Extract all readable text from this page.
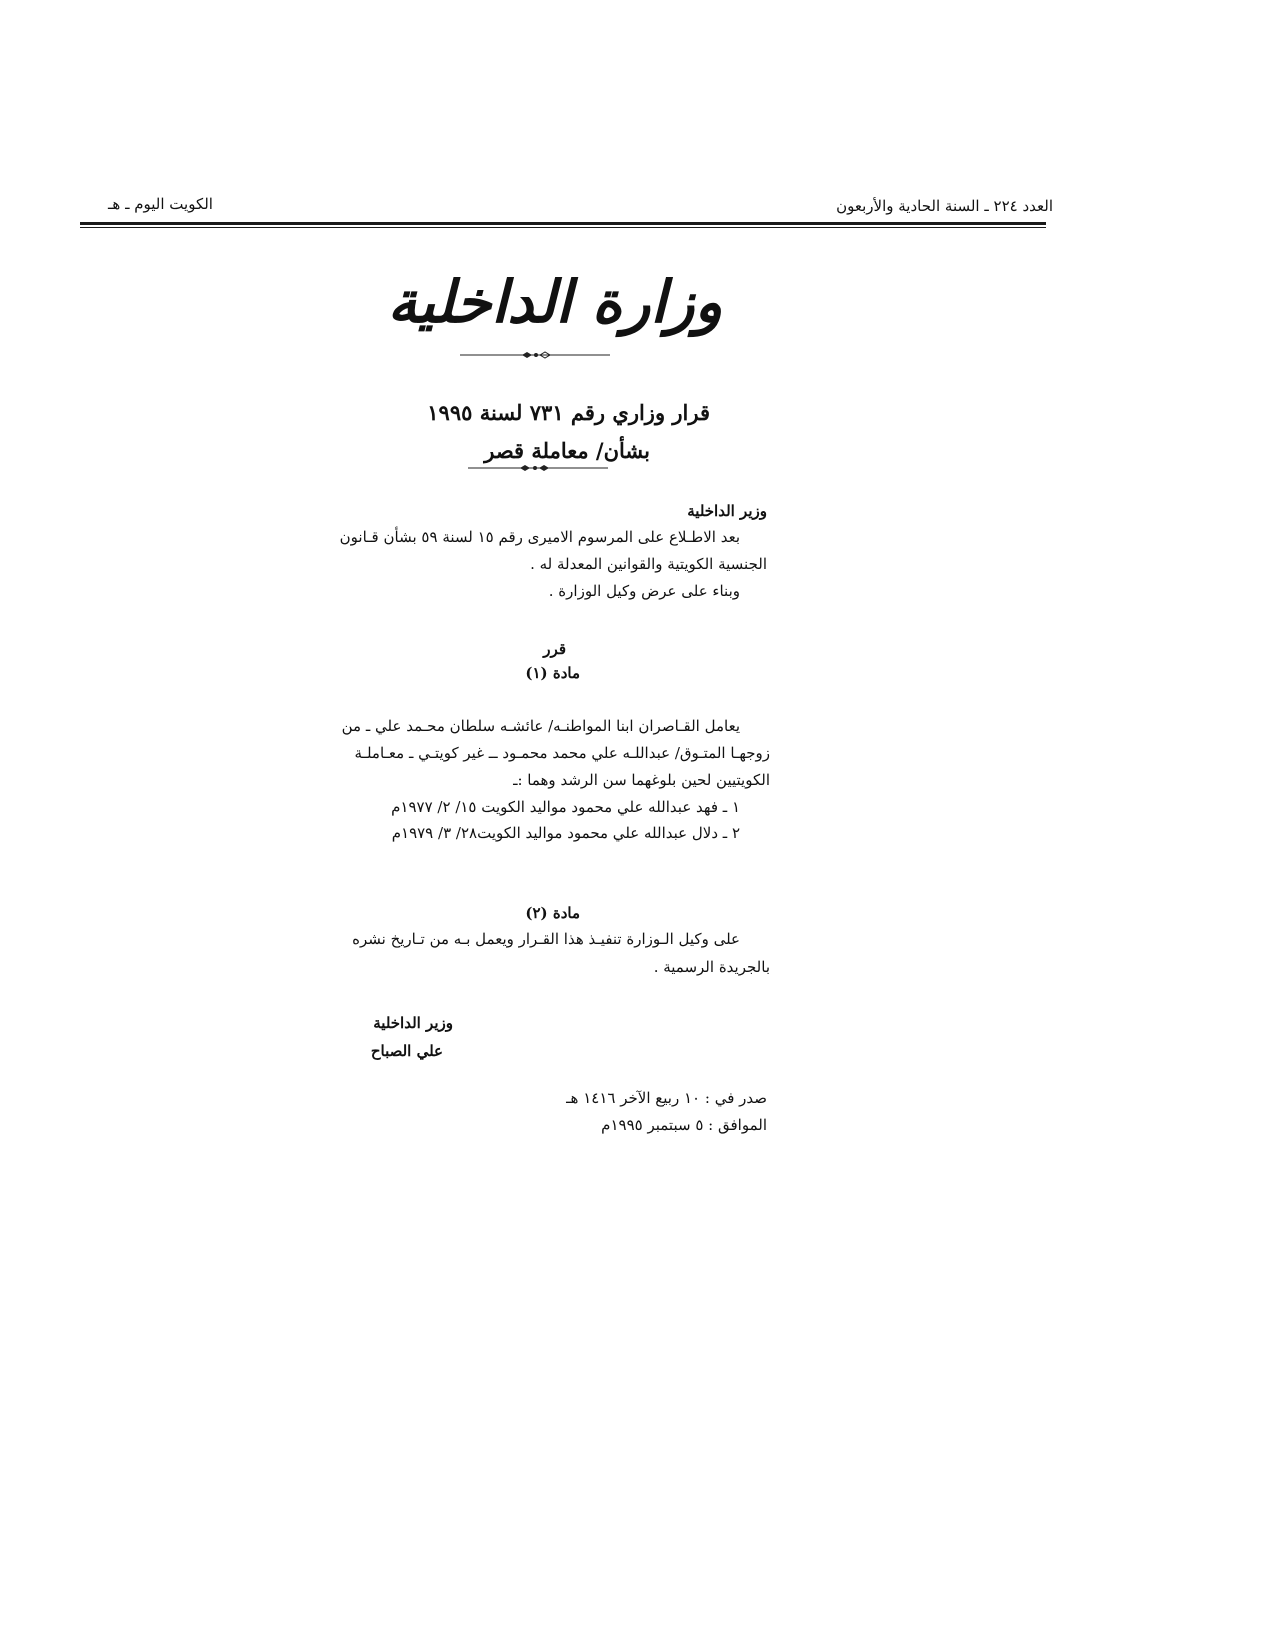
العدد ٢٢٤ ـ السنة الحادية والأربعون
الكويت اليوم ـ هـ
وزارة الداخلية
قرار وزاري رقم ٧٣١ لسنة ١٩٩٥
بشأن/ معاملة قصر
وزير الداخلية
بعد الاطـلاع على المرسوم الاميرى رقم ١٥ لسنة ٥٩ بشأن قـانون
الجنسية الكويتية والقوانين المعدلة له .
وبناء على عرض وكيل الوزارة .
قرر
مادة (١)
يعامل القـاصران ابنا المواطنـه/ عائشـه سلطان محـمد علي ـ من
زوجهـا المتـوق/ عبداللـه علي محمد محمـود ــ غير كويتـي ـ معـاملـة
الكويتيين لحين بلوغهما سن الرشد وهما :ـ
١ ـ فهد عبدالله علي محمود مواليد الكويت ١٥/ ٢/ ١٩٧٧م
٢ ـ دلال عبدالله علي محمود مواليد الكويت٢٨/ ٣/ ١٩٧٩م
مادة (٢)
على وكيل الـوزارة تنفيـذ هذا القـرار ويعمل بـه من تـاريخ نشره
بالجريدة الرسمية .
وزير الداخلية
علي الصباح
صدر في : ١٠ ربيع الآخر ١٤١٦ هـ
الموافق : ٥ سبتمبر ١٩٩٥م
